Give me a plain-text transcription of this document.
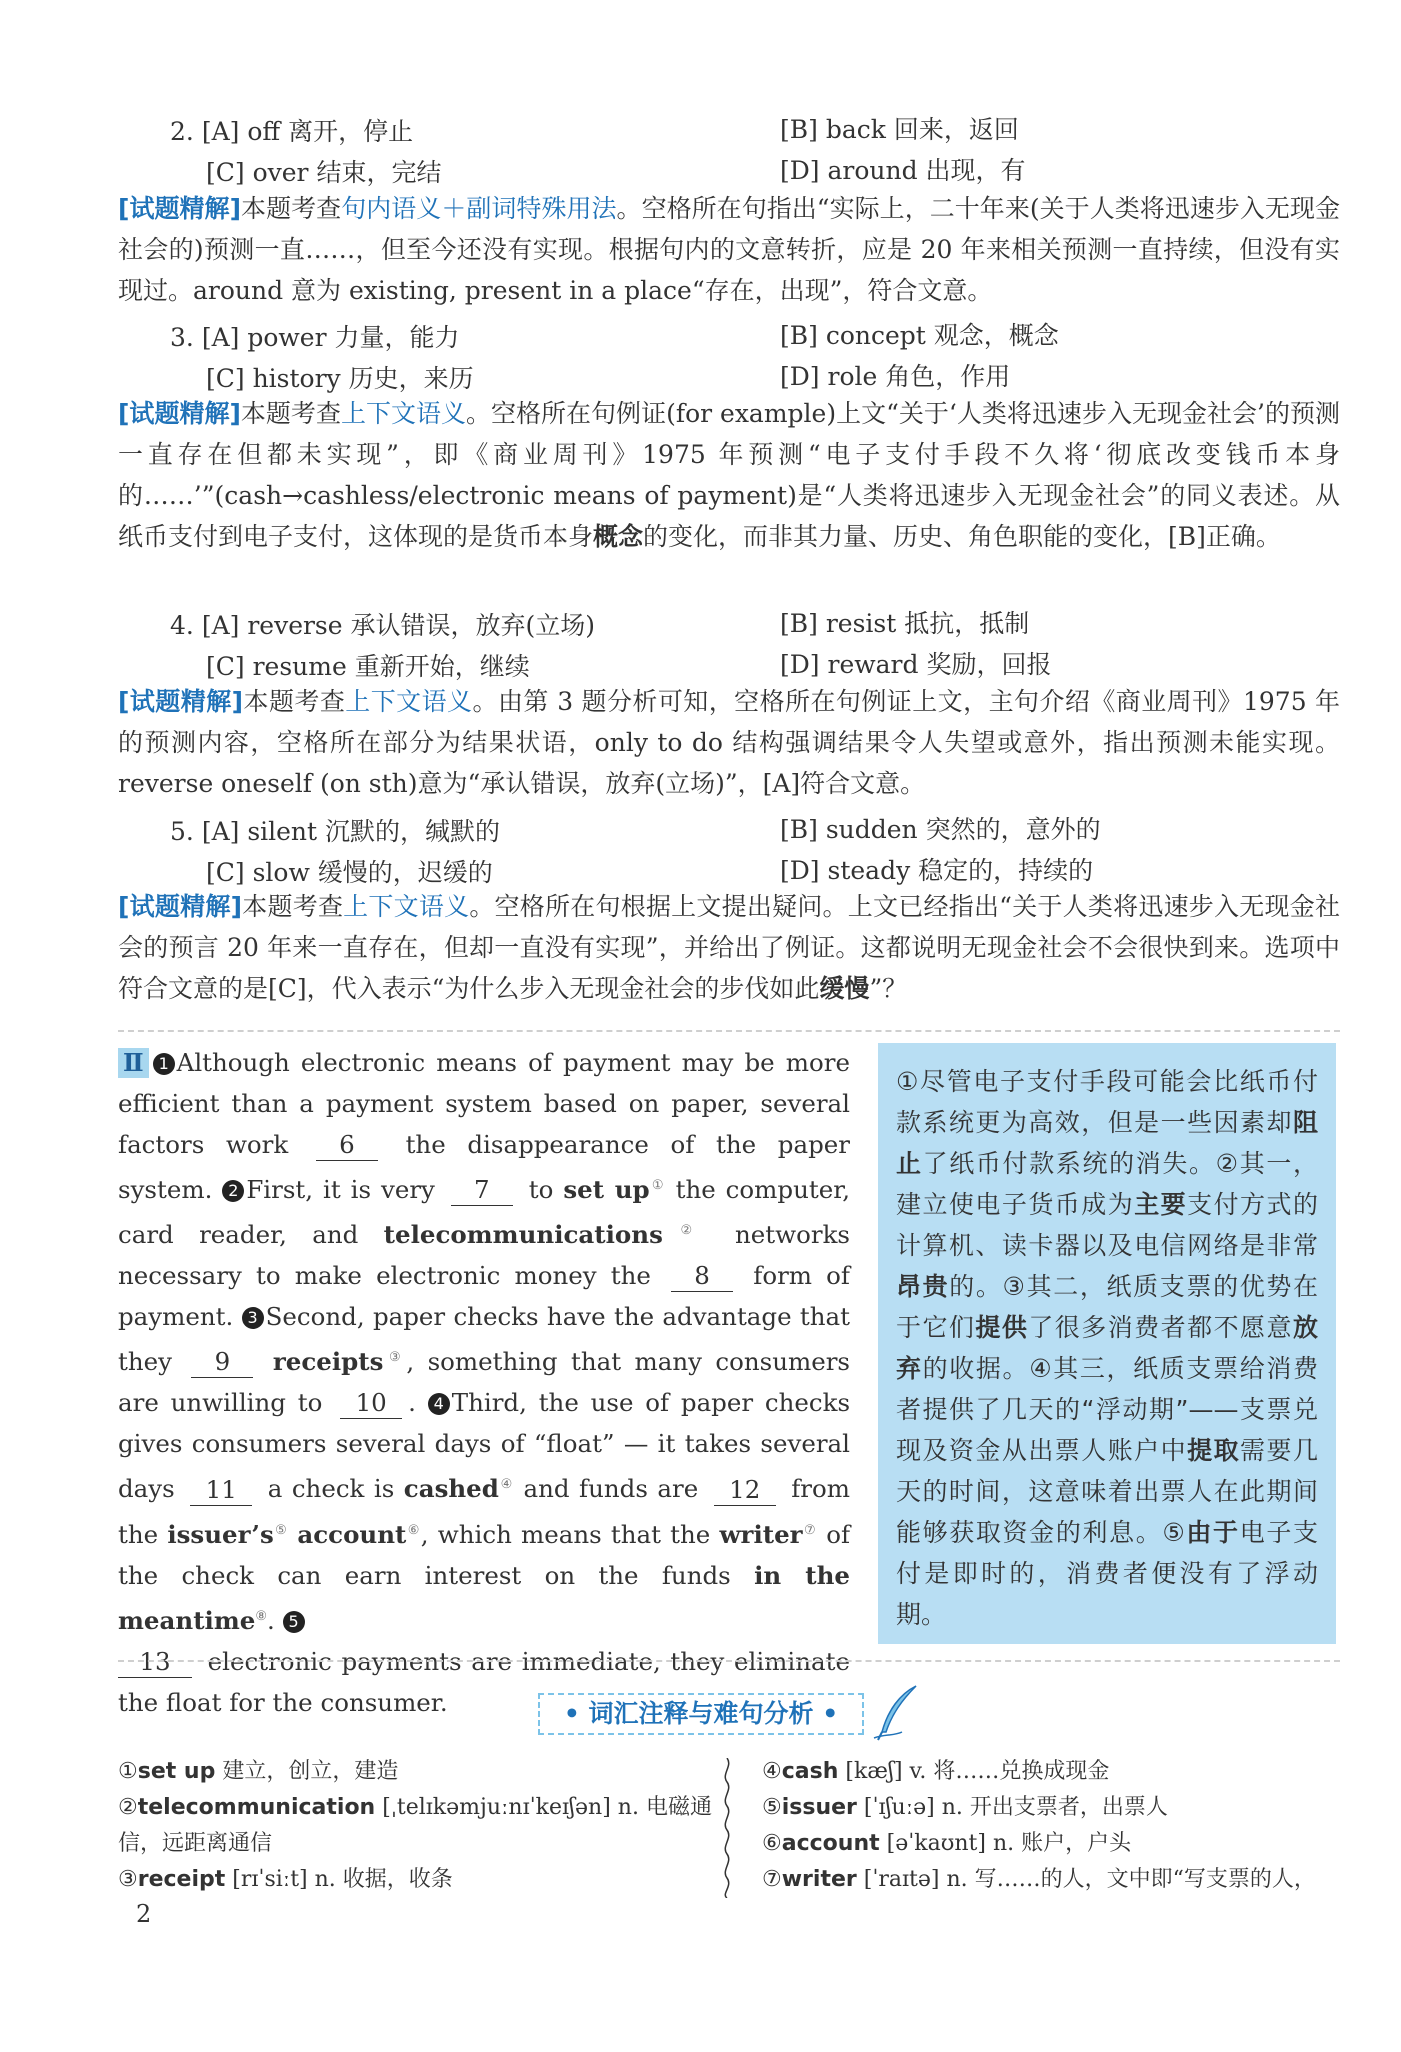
2. [A] off 离开，停止	[B] back 回来，返回
[C] over 结束，完结	[D] around 出现，有
[试题精解]本题考查句内语义＋副词特殊用法。空格所在句指出“实际上，二十年来(关于人类将迅速步入无现金社会的)预测一直……，但至今还没有实现。根据句内的文意转折，应是 20 年来相关预测一直持续，但没有实现过。around 意为 existing, present in a place“存在，出现”，符合文意。
3. [A] power 力量，能力	[B] concept 观念，概念
[C] history 历史，来历	[D] role 角色，作用
[试题精解]本题考查上下文语义。空格所在句例证(for example)上文“关于‘人类将迅速步入无现金社会’的预测一直存在但都未实现”，即《商业周刊》1975 年预测“电子支付手段不久将‘彻底改变钱币本身的……’”(cash→cashless/electronic means of payment)是“人类将迅速步入无现金社会”的同义表述。从纸币支付到电子支付，这体现的是货币本身概念的变化，而非其力量、历史、角色职能的变化，[B]正确。
4. [A] reverse 承认错误，放弃(立场)	[B] resist 抵抗，抵制
[C] resume 重新开始，继续	[D] reward 奖励，回报
[试题精解]本题考查上下文语义。由第 3 题分析可知，空格所在句例证上文，主句介绍《商业周刊》1975 年的预测内容，空格所在部分为结果状语，only to do 结构强调结果令人失望或意外，指出预测未能实现。reverse oneself (on sth)意为“承认错误，放弃(立场)”，[A]符合文意。
5. [A] silent 沉默的，缄默的	[B] sudden 突然的，意外的
[C] slow 缓慢的，迟缓的	[D] steady 稳定的，持续的
[试题精解]本题考查上下文语义。空格所在句根据上文提出疑问。上文已经指出“关于人类将迅速步入无现金社会的预言 20 年来一直存在，但却一直没有实现”，并给出了例证。这都说明无现金社会不会很快到来。选项中符合文意的是[C]，代入表示“为什么步入无现金社会的步伐如此缓慢”？
Ⅱ 1 Although electronic means of payment may be more efficient than a payment system based on paper, several factors work 6 the disappearance of the paper system. 2 First, it is very 7 to set up① the computer, card reader, and telecommunications② networks necessary to make electronic money the 8 form of payment. 3 Second, paper checks have the advantage that they 9 receipts③, something that many consumers are unwilling to 10 . 4 Third, the use of paper checks gives consumers several days of “float” — it takes several days 11 a check is cashed④ and funds are 12 from the issuer’s⑤ account⑥, which means that the writer⑦ of the check can earn interest on the funds in the meantime⑧. 5
13 electronic payments are immediate, they eliminate the float for the consumer.
①尽管电子支付手段可能会比纸币付款系统更为高效，但是一些因素却阻止了纸币付款系统的消失。②其一，建立使电子货币成为主要支付方式的计算机、读卡器以及电信网络是非常昂贵的。③其二，纸质支票的优势在于它们提供了很多消费者都不愿意放弃的收据。④其三，纸质支票给消费者提供了几天的“浮动期”——支票兑现及资金从出票人账户中提取需要几天的时间，这意味着出票人在此期间能够获取资金的利息。⑤由于电子支付是即时的，消费者便没有了浮动期。
• 词汇注释与难句分析 •
①set up 建立，创立，建造
②telecommunication [ˌtelɪkəmjuːnɪˈkeɪʃən] n. 电磁通
信，远距离通信
③receipt [rɪˈsiːt] n. 收据，收条
④cash [kæʃ] v. 将……兑换成现金
⑤issuer [ˈɪʃuːə] n. 开出支票者，出票人
⑥account [əˈkaʊnt] n. 账户，户头
⑦writer [ˈraɪtə] n. 写……的人，文中即“写支票的人，
2
